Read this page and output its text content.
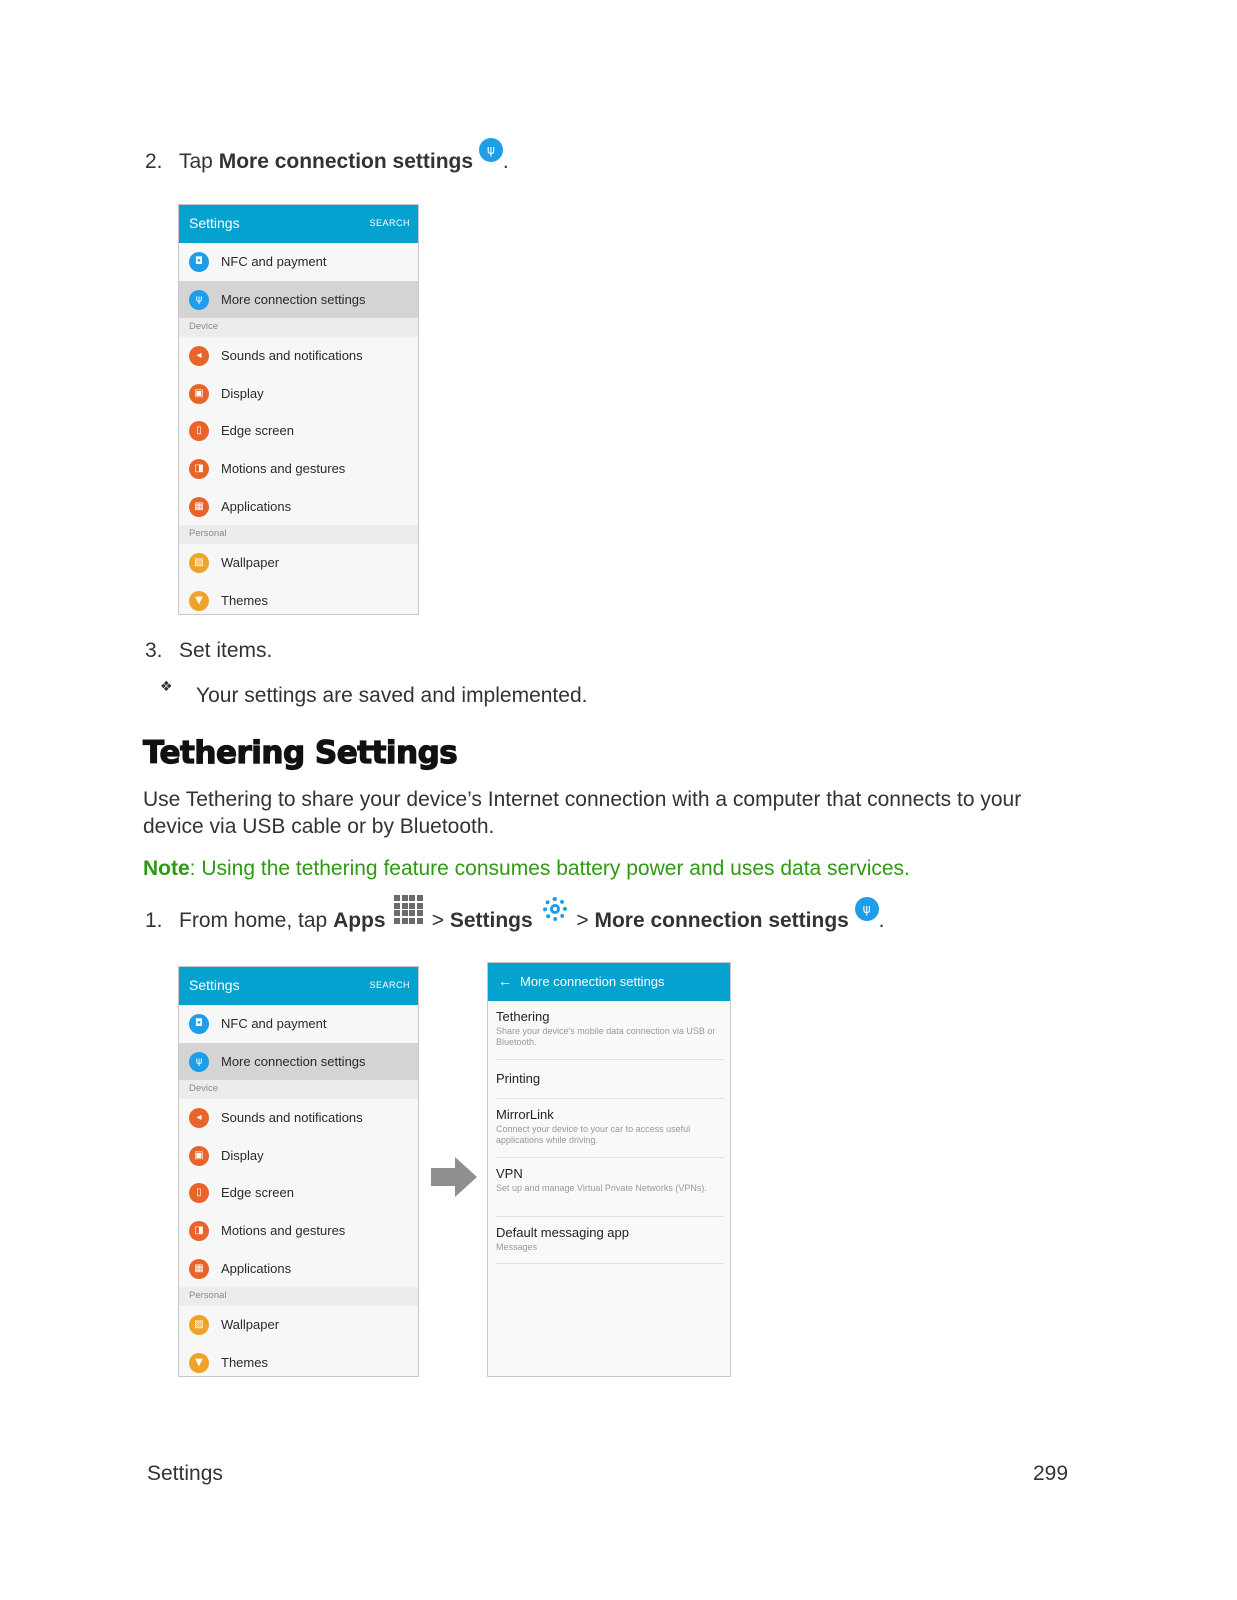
2. Tap More connection settings ψ .
Settings	SEARCH
◘	NFC and payment
ψ	More connection settings
Device
◂	Sounds and notifications
▣	Display
▯	Edge screen
◨	Motions and gestures
▦	Applications
Personal
▨	Wallpaper
▼	Themes
3. Set items.
❖ Your settings are saved and implemented.
Tethering Settings
Use Tethering to share your device’s Internet connection with a computer that connects to your device via USB cable or by Bluetooth.
Note: Using the tethering feature consumes battery power and uses data services.
1. From home, tap Apps
> Settings  > More connection settings ψ .
Settings	SEARCH
◘	NFC and payment
ψ	More connection settings
Device
◂	Sounds and notifications
▣	Display
▯	Edge screen
◨	Motions and gestures
▦	Applications
Personal
▨	Wallpaper
▼	Themes
← More connection settings
Tethering
Share your device's mobile data connection via USB or Bluetooth.
Printing
MirrorLink
Connect your device to your car to access useful applications while driving.
VPN
Set up and manage Virtual Private Networks (VPNs).
Default messaging app
Messages
Settings	299
